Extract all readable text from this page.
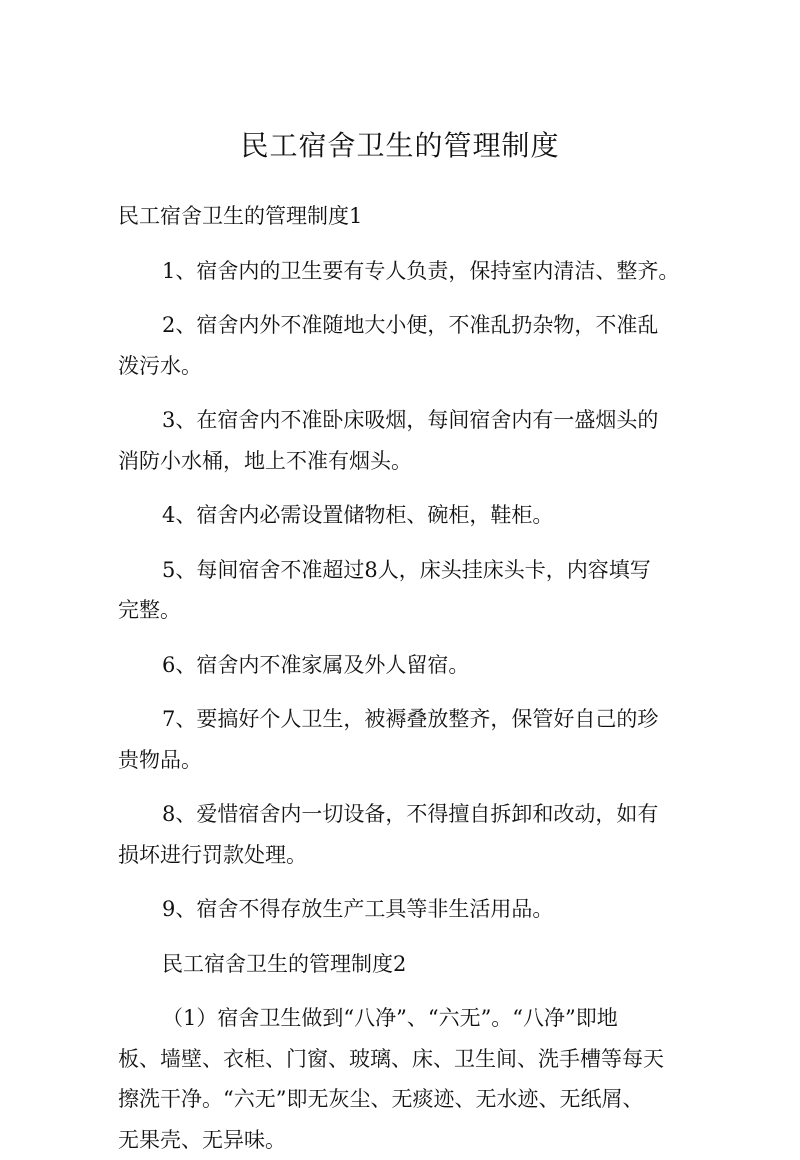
民工宿舍卫生的管理制度

民工宿舍卫生的管理制度1

1、宿舍内的卫生要有专人负责，保持室内清洁、整齐。

2、宿舍内外不准随地大小便，不准乱扔杂物，不准乱

泼污水。

3、在宿舍内不准卧床吸烟，每间宿舍内有一盛烟头的

消防小水桶，地上不准有烟头。

4、宿舍内必需设置储物柜、碗柜，鞋柜。

5、每间宿舍不准超过8人，床头挂床头卡，内容填写

完整。

6、宿舍内不准家属及外人留宿。

7、要搞好个人卫生，被褥叠放整齐，保管好自己的珍

贵物品。

8、爱惜宿舍内一切设备，不得擅自拆卸和改动，如有

损坏进行罚款处理。

9、宿舍不得存放生产工具等非生活用品。

民工宿舍卫生的管理制度2

（1）宿舍卫生做到“八净”、“六无”。“八净”即地

板、墙壁、衣柜、门窗、玻璃、床、卫生间、洗手槽等每天

擦洗干净。“六无”即无灰尘、无痰迹、无水迹、无纸屑、

无果壳、无异味。
